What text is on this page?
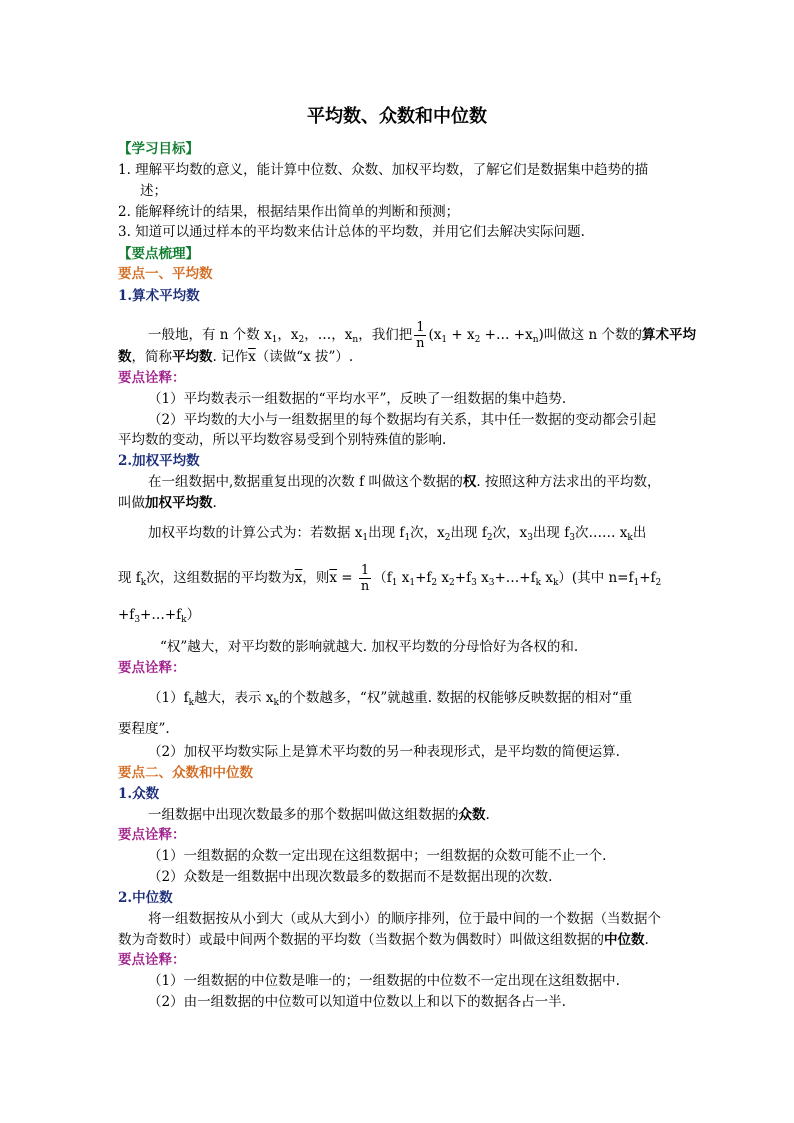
平均数、众数和中位数
【学习目标】
1. 理解平均数的意义，能计算中位数、众数、加权平均数，了解它们是数据集中趋势的描
述；
2. 能解释统计的结果，根据结果作出简单的判断和预测；
3. 知道可以通过样本的平均数来估计总体的平均数，并用它们去解决实际问题.
【要点梳理】
要点一、平均数
1.算术平均数
一般地，有 n 个数 $x_1$，$x_2$，…，$x_n$，我们把 $\frac{1}{n} (x_1 + x_2$ +… $+x_n$)叫做这 n 个数的算术平均
数，简称平均数. 记作$\overline{x}$（读做“x 拔”）.
要点诠释：
（1）平均数表示一组数据的“平均水平”，反映了一组数据的集中趋势.
（2）平均数的大小与一组数据里的每个数据均有关系，其中任一数据的变动都会引起
平均数的变动，所以平均数容易受到个别特殊值的影响.
2.加权平均数
在一组数据中,数据重复出现的次数 f 叫做这个数据的权. 按照这种方法求出的平均数，
叫做加权平均数.
加权平均数的计算公式为：若数据 $x_1$出现 $f_1$次，$x_2$出现 $f_2$次，$x_3$出现 $f_3$次…… $x_k$出
现 $f_k$次，这组数据的平均数为$\overline{x}$，则$\overline{x} = \frac{1}{n} (f_1$ $x_1+f_2$ $x_2+f_3$ $x_3+\dots+f_k$ $x_k$）(其中 $n=f_1+f_2$
$+f_3+\dots+f_k$）
“权”越大，对平均数的影响就越大. 加权平均数的分母恰好为各权的和.
要点诠释：
$(1)f_k$越大，表示 $x_k$的个数越多，“权”就越重. 数据的权能够反映数据的相对“重
要程度”.
（2）加权平均数实际上是算术平均数的另一种表现形式，是平均数的简便运算.
要点二、众数和中位数
1.众数
一组数据中出现次数最多的那个数据叫做这组数据的众数.
要点诠释：
（1）一组数据的众数一定出现在这组数据中；一组数据的众数可能不止一个.
（2）众数是一组数据中出现次数最多的数据而不是数据出现的次数.
2.中位数
将一组数据按从小到大（或从大到小）的顺序排列，位于最中间的一个数据（当数据个
数为奇数时）或最中间两个数据的平均数（当数据个数为偶数时）叫做这组数据的中位数.
要点诠释：
（1）一组数据的中位数是唯一的；一组数据的中位数不一定出现在这组数据中.
（2）由一组数据的中位数可以知道中位数以上和以下的数据各占一半.
